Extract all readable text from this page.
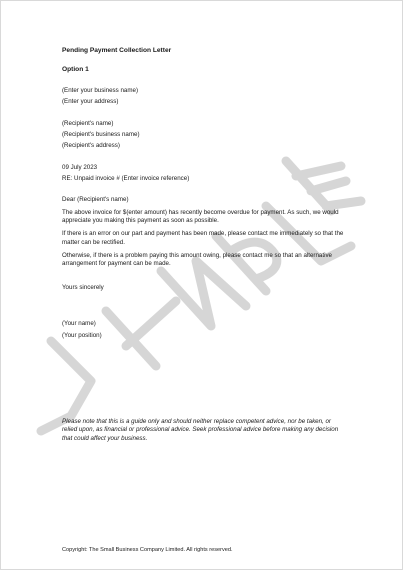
Pending Payment Collection Letter

Option 1

(Enter your business name)

(Enter your address)

(Recipient's name)

(Recipient's business name)

(Recipient's address)

09 July 2023

RE: Unpaid invoice # (Enter invoice reference)

Dear (Recipient's name)

The above invoice for $(enter amount) has recently become overdue for payment. As such, we would

appreciate you making this payment as soon as possible.

If there is an error on our part and payment has been made, please contact me immediately so that the

matter can be rectified.

Otherwise, if there is a problem paying this amount owing, please contact me so that an alternative

arrangement for payment can be made.

Yours sincerely

(Your name)

(Your position)

Please note that this is a guide only and should neither replace competent advice, nor be taken, or

relied upon, as financial or professional advice. Seek professional advice before making any decision

that could affect your business.

Copyright: The Small Business Company Limited. All rights reserved.
